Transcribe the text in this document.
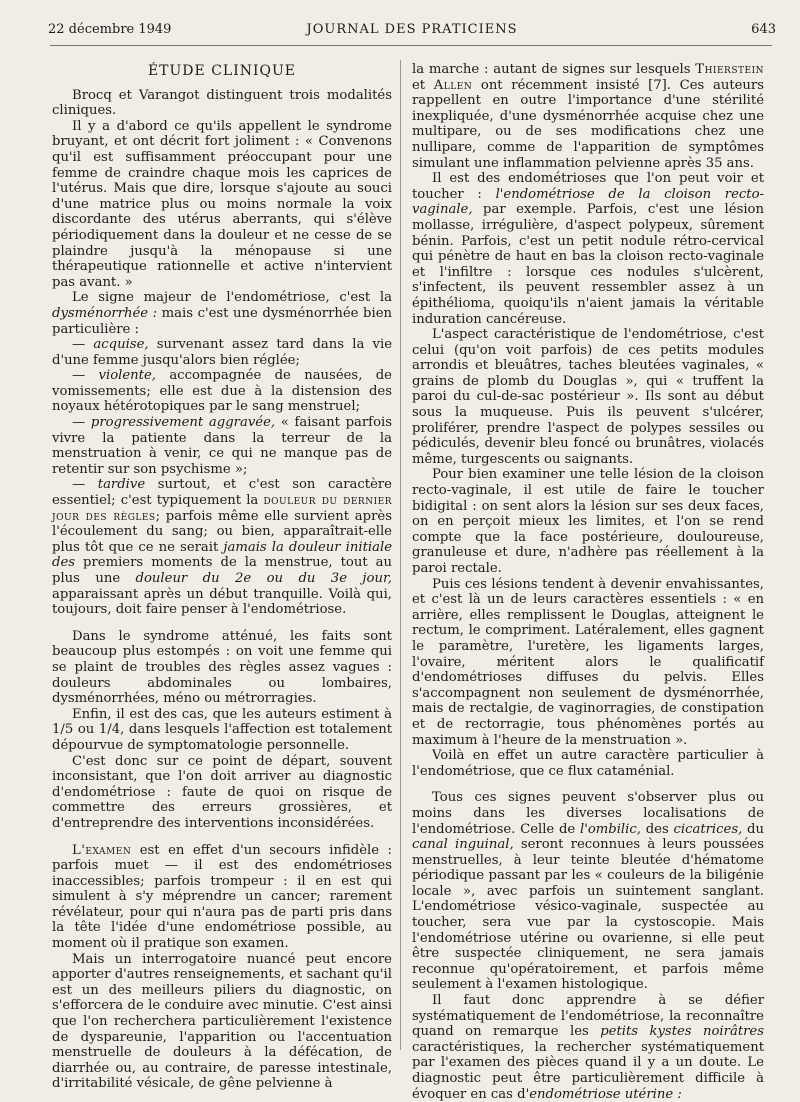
22 décembre 1949	JOURNAL DES PRATICIENS	643
ÉTUDE CLINIQUE

Brocq et Varangot distinguent trois modalités cliniques.

Il y a d'abord ce qu'ils appellent le syndrome bruyant, et ont décrit fort joliment : « Convenons qu'il est suffisamment préoccupant pour une femme de craindre chaque mois les caprices de l'utérus. Mais que dire, lorsque s'ajoute au souci d'une matrice plus ou moins normale la voix discordante des utérus aberrants, qui s'élève périodiquement dans la douleur et ne cesse de se plaindre jusqu'à la ménopause si une thérapeutique rationnelle et active n'intervient pas avant. »

Le signe majeur de l'endométriose, c'est la dysménorrhée : mais c'est une dysménorrhée bien particulière :

— acquise, survenant assez tard dans la vie d'une femme jusqu'alors bien réglée;

— violente, accompagnée de nausées, de vomissements; elle est due à la distension des noyaux hétérotopiques par le sang menstruel;

— progressivement aggravée, « faisant parfois vivre la patiente dans la terreur de la menstruation à venir, ce qui ne manque pas de retentir sur son psychisme »;

— tardive surtout, et c'est son caractère essentiel; c'est typiquement la douleur du dernier jour des règles; parfois même elle survient après l'écoulement du sang; ou bien, apparaîtrait-elle plus tôt que ce ne serait jamais la douleur initiale des premiers moments de la menstrue, tout au plus une douleur du 2e ou du 3e jour, apparaissant après un début tranquille. Voilà qui, toujours, doit faire penser à l'endométriose.

Dans le syndrome atténué, les faits sont beaucoup plus estompés : on voit une femme qui se plaint de troubles des règles assez vagues : douleurs abdominales ou lombaires, dysménorrhées, méno ou métrorragies.

Enfin, il est des cas, que les auteurs estiment à 1/5 ou 1/4, dans lesquels l'affection est totalement dépourvue de symptomatologie personnelle.

C'est donc sur ce point de départ, souvent inconsistant, que l'on doit arriver au diagnostic d'endométriose : faute de quoi on risque de commettre des erreurs grossières, et d'entreprendre des interventions inconsidérées.

L'examen est en effet d'un secours infidèle : parfois muet — il est des endométrioses inaccessibles; parfois trompeur : il en est qui simulent à s'y méprendre un cancer; rarement révélateur, pour qui n'aura pas de parti pris dans la tête l'idée d'une endométriose possible, au moment où il pratique son examen.

Mais un interrogatoire nuancé peut encore apporter d'autres renseignements, et sachant qu'il est un des meilleurs piliers du diagnostic, on s'efforcera de le conduire avec minutie. C'est ainsi que l'on recherchera particulièrement l'existence de dyspareunie, l'apparition ou l'accentuation menstruelle de douleurs à la défécation, de diarrhée ou, au contraire, de paresse intestinale, d'irritabilité vésicale, de gêne pelvienne à

la marche : autant de signes sur lesquels Thierstein et Allen ont récemment insisté [7]. Ces auteurs rappellent en outre l'importance d'une stérilité inexpliquée, d'une dysménorrhée acquise chez une multipare, ou de ses modifications chez une nullipare, comme de l'apparition de symptômes simulant une inflammation pelvienne après 35 ans.

Il est des endométrioses que l'on peut voir et toucher : l'endométriose de la cloison recto-vaginale, par exemple. Parfois, c'est une lésion mollasse, irrégulière, d'aspect polypeux, sûrement bénin. Parfois, c'est un petit nodule rétro-cervical qui pénètre de haut en bas la cloison recto-vaginale et l'infiltre : lorsque ces nodules s'ulcèrent, s'infectent, ils peuvent ressembler assez à un épithélioma, quoiqu'ils n'aient jamais la véritable induration cancéreuse.

L'aspect caractéristique de l'endométriose, c'est celui (qu'on voit parfois) de ces petits modules arrondis et bleuâtres, taches bleutées vaginales, « grains de plomb du Douglas », qui « truffent la paroi du cul-de-sac postérieur ». Ils sont au début sous la muqueuse. Puis ils peuvent s'ulcérer, proliférer, prendre l'aspect de polypes sessiles ou pédiculés, devenir bleu foncé ou brunâtres, violacés même, turgescents ou saignants.

Pour bien examiner une telle lésion de la cloison recto-vaginale, il est utile de faire le toucher bidigital : on sent alors la lésion sur ses deux faces, on en perçoit mieux les limites, et l'on se rend compte que la face postérieure, douloureuse, granuleuse et dure, n'adhère pas réellement à la paroi rectale.

Puis ces lésions tendent à devenir envahissantes, et c'est là un de leurs caractères essentiels : « en arrière, elles remplissent le Douglas, atteignent le rectum, le compriment. Latéralement, elles gagnent le paramètre, l'uretère, les ligaments larges, l'ovaire, méritent alors le qualificatif d'endométrioses diffuses du pelvis. Elles s'accompagnent non seulement de dysménorrhée, mais de rectalgie, de vaginorragies, de constipation et de rectorragie, tous phénomènes portés au maximum à l'heure de la menstruation ».

Voilà en effet un autre caractère particulier à l'endométriose, que ce flux cataménial.

Tous ces signes peuvent s'observer plus ou moins dans les diverses localisations de l'endométriose. Celle de l'ombilic, des cicatrices, du canal inguinal, seront reconnues à leurs poussées menstruelles, à leur teinte bleutée d'hématome périodique passant par les « couleurs de la biligénie locale », avec parfois un suintement sanglant. L'endométriose vésico-vaginale, suspectée au toucher, sera vue par la cystoscopie. Mais l'endométriose utérine ou ovarienne, si elle peut être suspectée cliniquement, ne sera jamais reconnue qu'opératoirement, et parfois même seulement à l'examen histologique.

Il faut donc apprendre à se défier systématiquement de l'endométriose, la reconnaître quand on remarque les petits kystes noirâtres caractéristiques, la rechercher systématiquement par l'examen des pièces quand il y a un doute. Le diagnostic peut être particulièrement difficile à évoquer en cas d'endométriose utérine :
